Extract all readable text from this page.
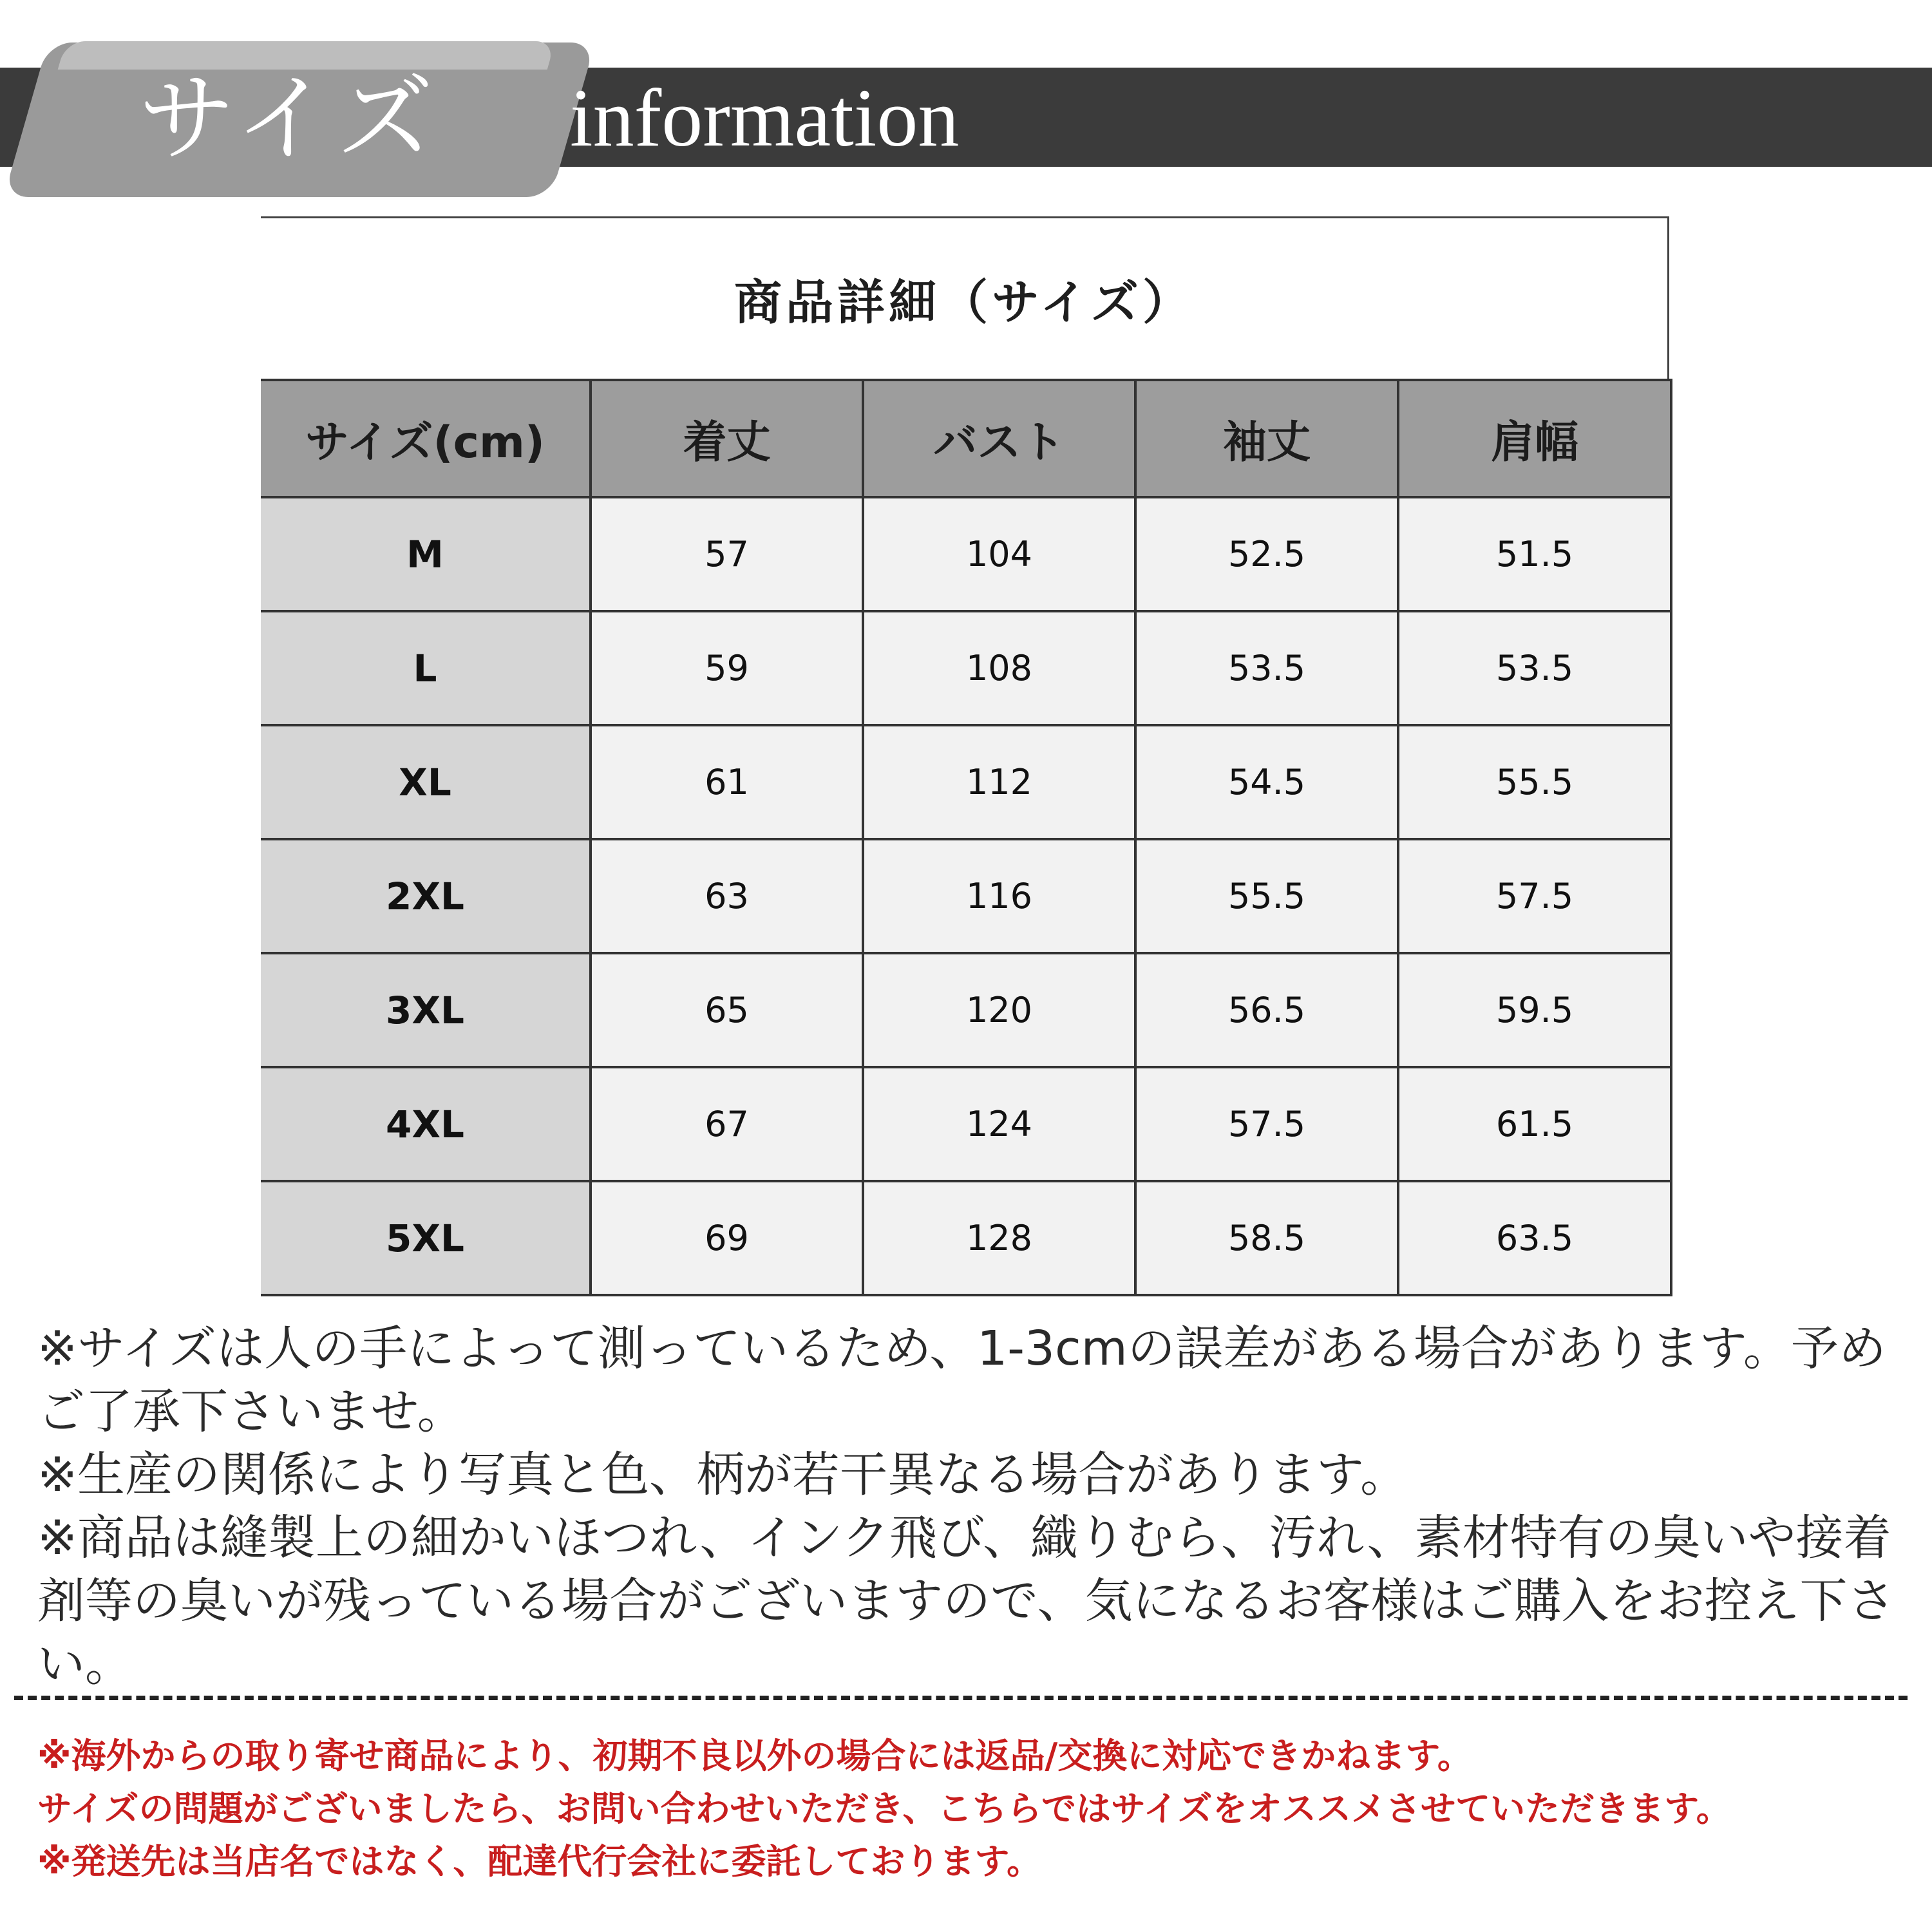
サイズ information
商品詳細（サイズ）
サイズ(cm)	着丈	バスト	袖丈	肩幅
M	57	104	52.5	51.5
L	59	108	53.5	53.5
XL	61	112	54.5	55.5
2XL	63	116	55.5	57.5
3XL	65	120	56.5	59.5
4XL	67	124	57.5	61.5
5XL	69	128	58.5	63.5

※サイズは人の手によって測っているため、1-3cmの誤差がある場合があります。予めご了承下さいませ。

※生産の関係により写真と色、柄が若干異なる場合があります。

※商品は縫製上の細かいほつれ、インク飛び、織りむら、汚れ、素材特有の臭いや接着剤等の臭いが残っている場合がございますので、気になるお客様はご購入をお控え下さい。

※海外からの取り寄せ商品により、初期不良以外の場合には返品/交換に対応できかねます。

サイズの問題がございましたら、お問い合わせいただき、こちらではサイズをオススメさせていただきます。

※発送先は当店名ではなく、配達代行会社に委託しております。
